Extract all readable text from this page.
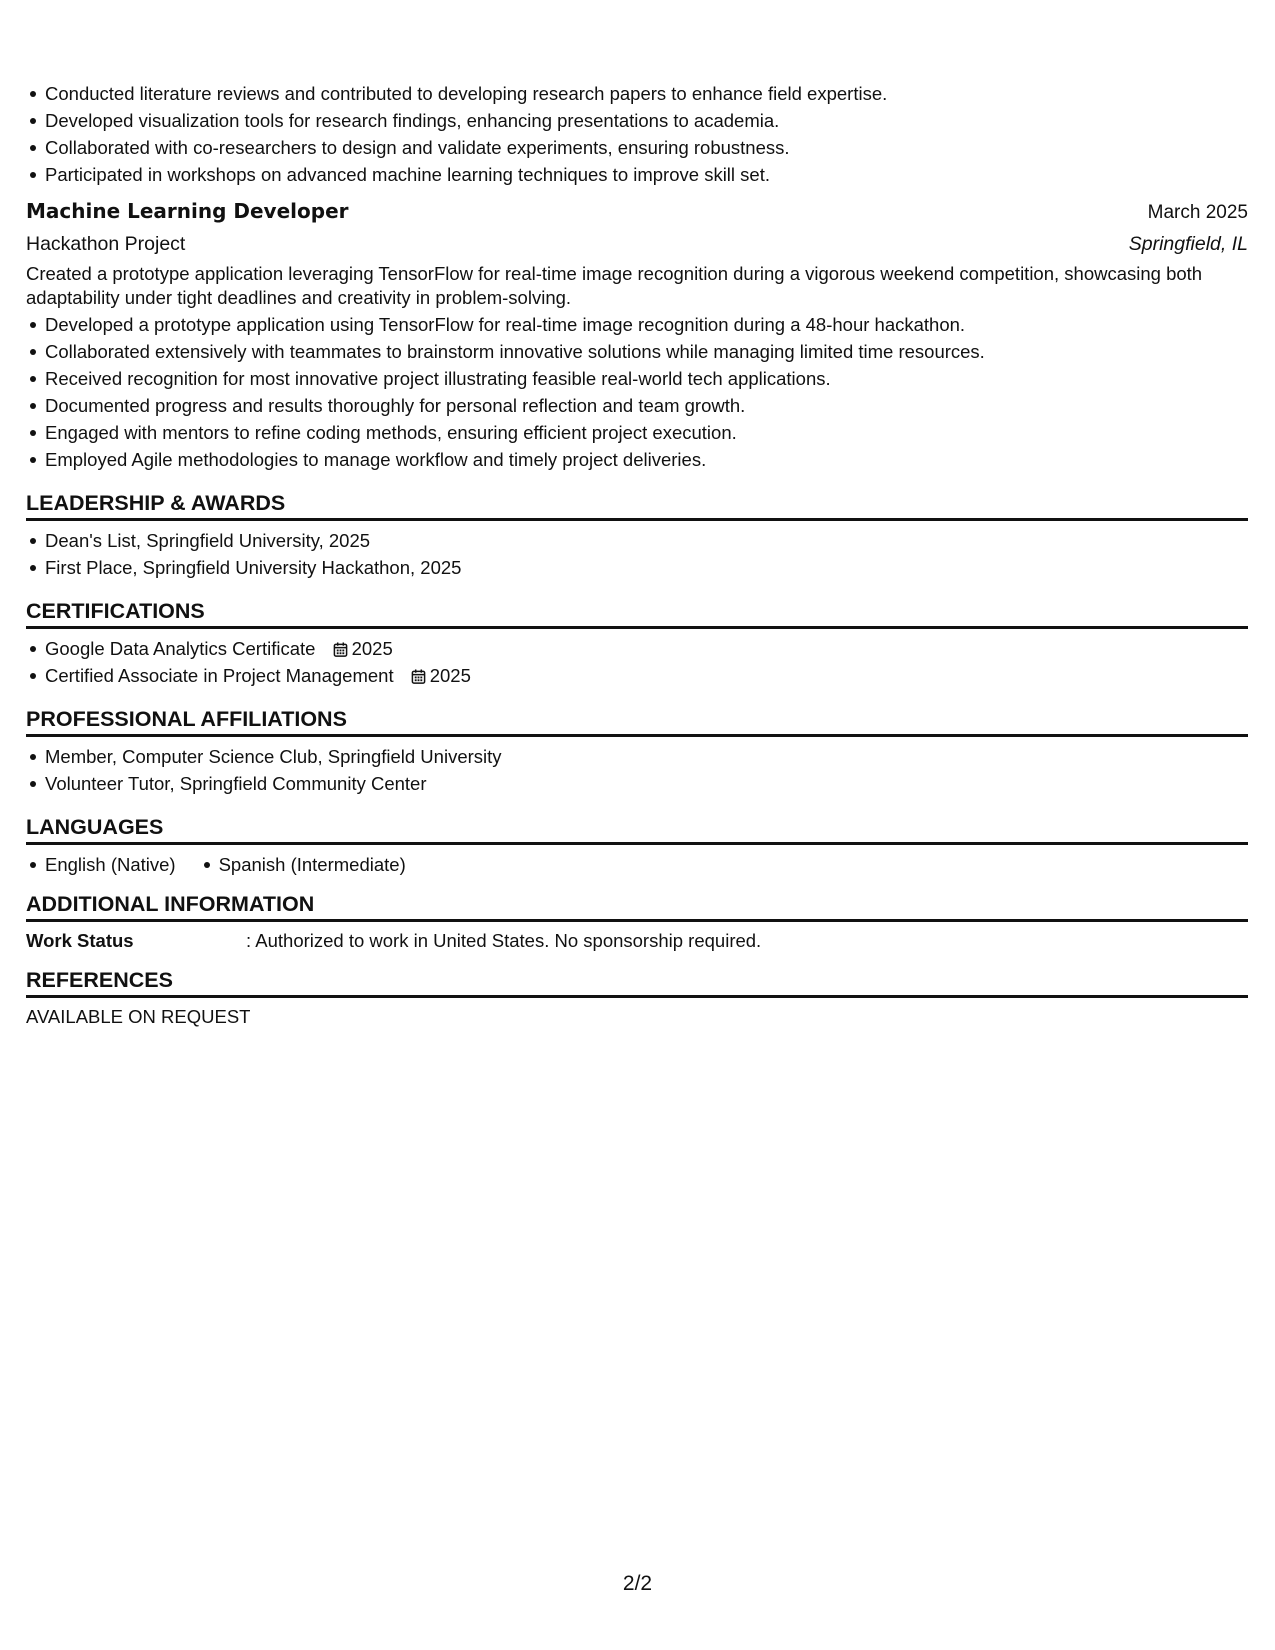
Conducted literature reviews and contributed to developing research papers to enhance field expertise.
Developed visualization tools for research findings, enhancing presentations to academia.
Collaborated with co-researchers to design and validate experiments, ensuring robustness.
Participated in workshops on advanced machine learning techniques to improve skill set.
Machine Learning Developer	March 2025
Hackathon Project	Springfield, IL
Created a prototype application leveraging TensorFlow for real-time image recognition during a vigorous weekend competition, showcasing both adaptability under tight deadlines and creativity in problem-solving.
Developed a prototype application using TensorFlow for real-time image recognition during a 48-hour hackathon.
Collaborated extensively with teammates to brainstorm innovative solutions while managing limited time resources.
Received recognition for most innovative project illustrating feasible real-world tech applications.
Documented progress and results thoroughly for personal reflection and team growth.
Engaged with mentors to refine coding methods, ensuring efficient project execution.
Employed Agile methodologies to manage workflow and timely project deliveries.
LEADERSHIP & AWARDS
Dean's List, Springfield University, 2025
First Place, Springfield University Hackathon, 2025
CERTIFICATIONS
Google Data Analytics Certificate 2025
Certified Associate in Project Management 2025
PROFESSIONAL AFFILIATIONS
Member, Computer Science Club, Springfield University
Volunteer Tutor, Springfield Community Center
LANGUAGES
English (Native)	Spanish (Intermediate)
ADDITIONAL INFORMATION
Work Status	: Authorized to work in United States. No sponsorship required.
REFERENCES
AVAILABLE ON REQUEST
2/2
